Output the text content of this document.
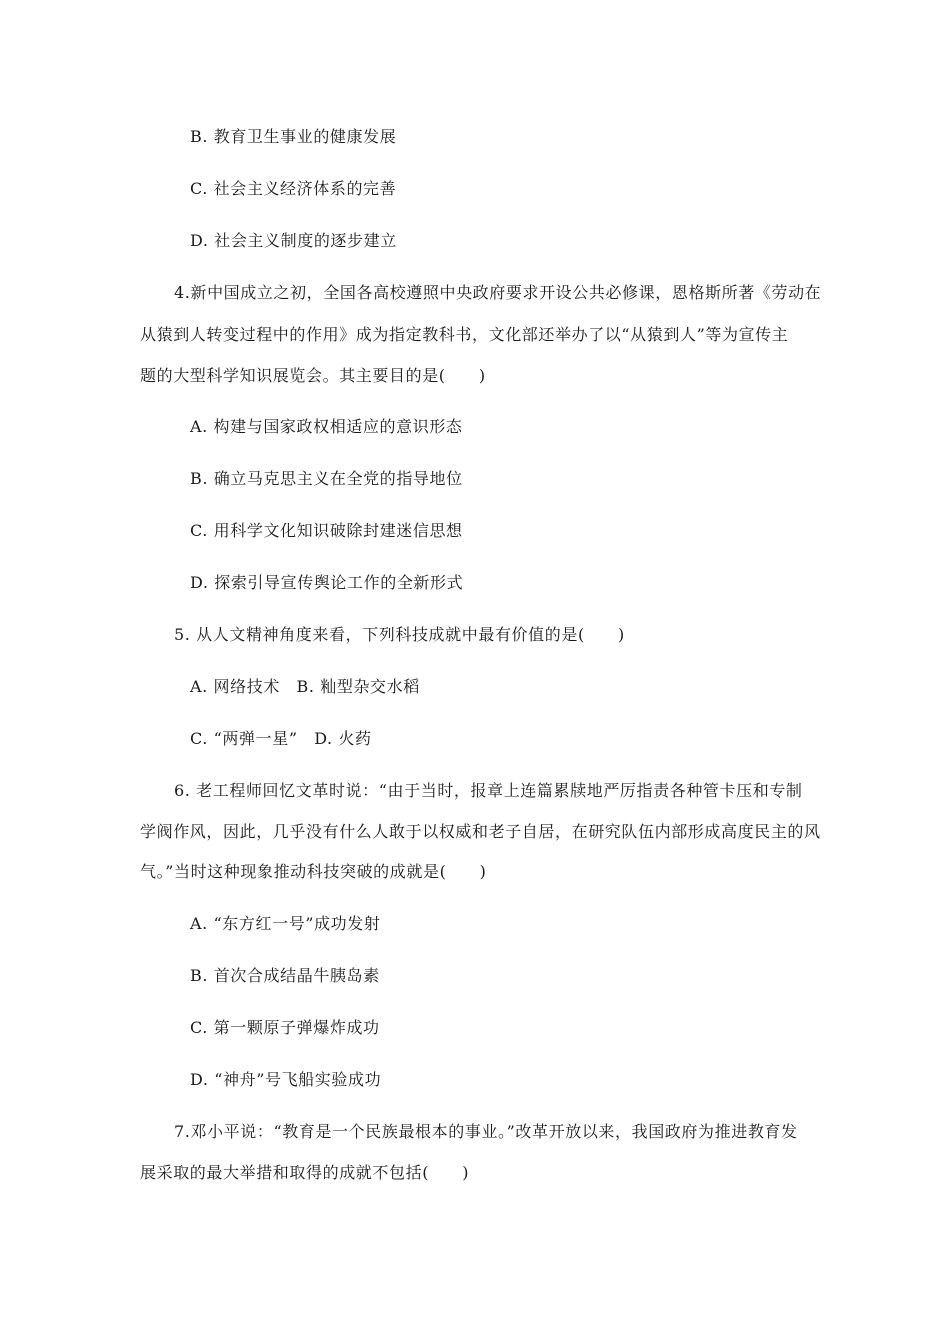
B. 教育卫生事业的健康发展
C. 社会主义经济体系的完善
D. 社会主义制度的逐步建立
4.新中国成立之初，全国各高校遵照中央政府要求开设公共必修课，恩格斯所著《劳动在
从猿到人转变过程中的作用》成为指定教科书，文化部还举办了以“从猿到人”等为宣传主
题的大型科学知识展览会。其主要目的是(　　)
A. 构建与国家政权相适应的意识形态
B. 确立马克思主义在全党的指导地位
C. 用科学文化知识破除封建迷信思想
D. 探索引导宣传舆论工作的全新形式
5. 从人文精神角度来看，下列科技成就中最有价值的是(　　)
A. 网络技术　B. 籼型杂交水稻
C. “两弹一星”　D. 火药
6. 老工程师回忆文革时说：“由于当时，报章上连篇累牍地严厉指责各种管卡压和专制
学阀作风，因此，几乎没有什么人敢于以权威和老子自居，在研究队伍内部形成高度民主的风
气。”当时这种现象推动科技突破的成就是(　　)
A. “东方红一号”成功发射
B. 首次合成结晶牛胰岛素
C. 第一颗原子弹爆炸成功
D. “神舟”号飞船实验成功
7.邓小平说：“教育是一个民族最根本的事业。”改革开放以来，我国政府为推进教育发
展采取的最大举措和取得的成就不包括(　　)
